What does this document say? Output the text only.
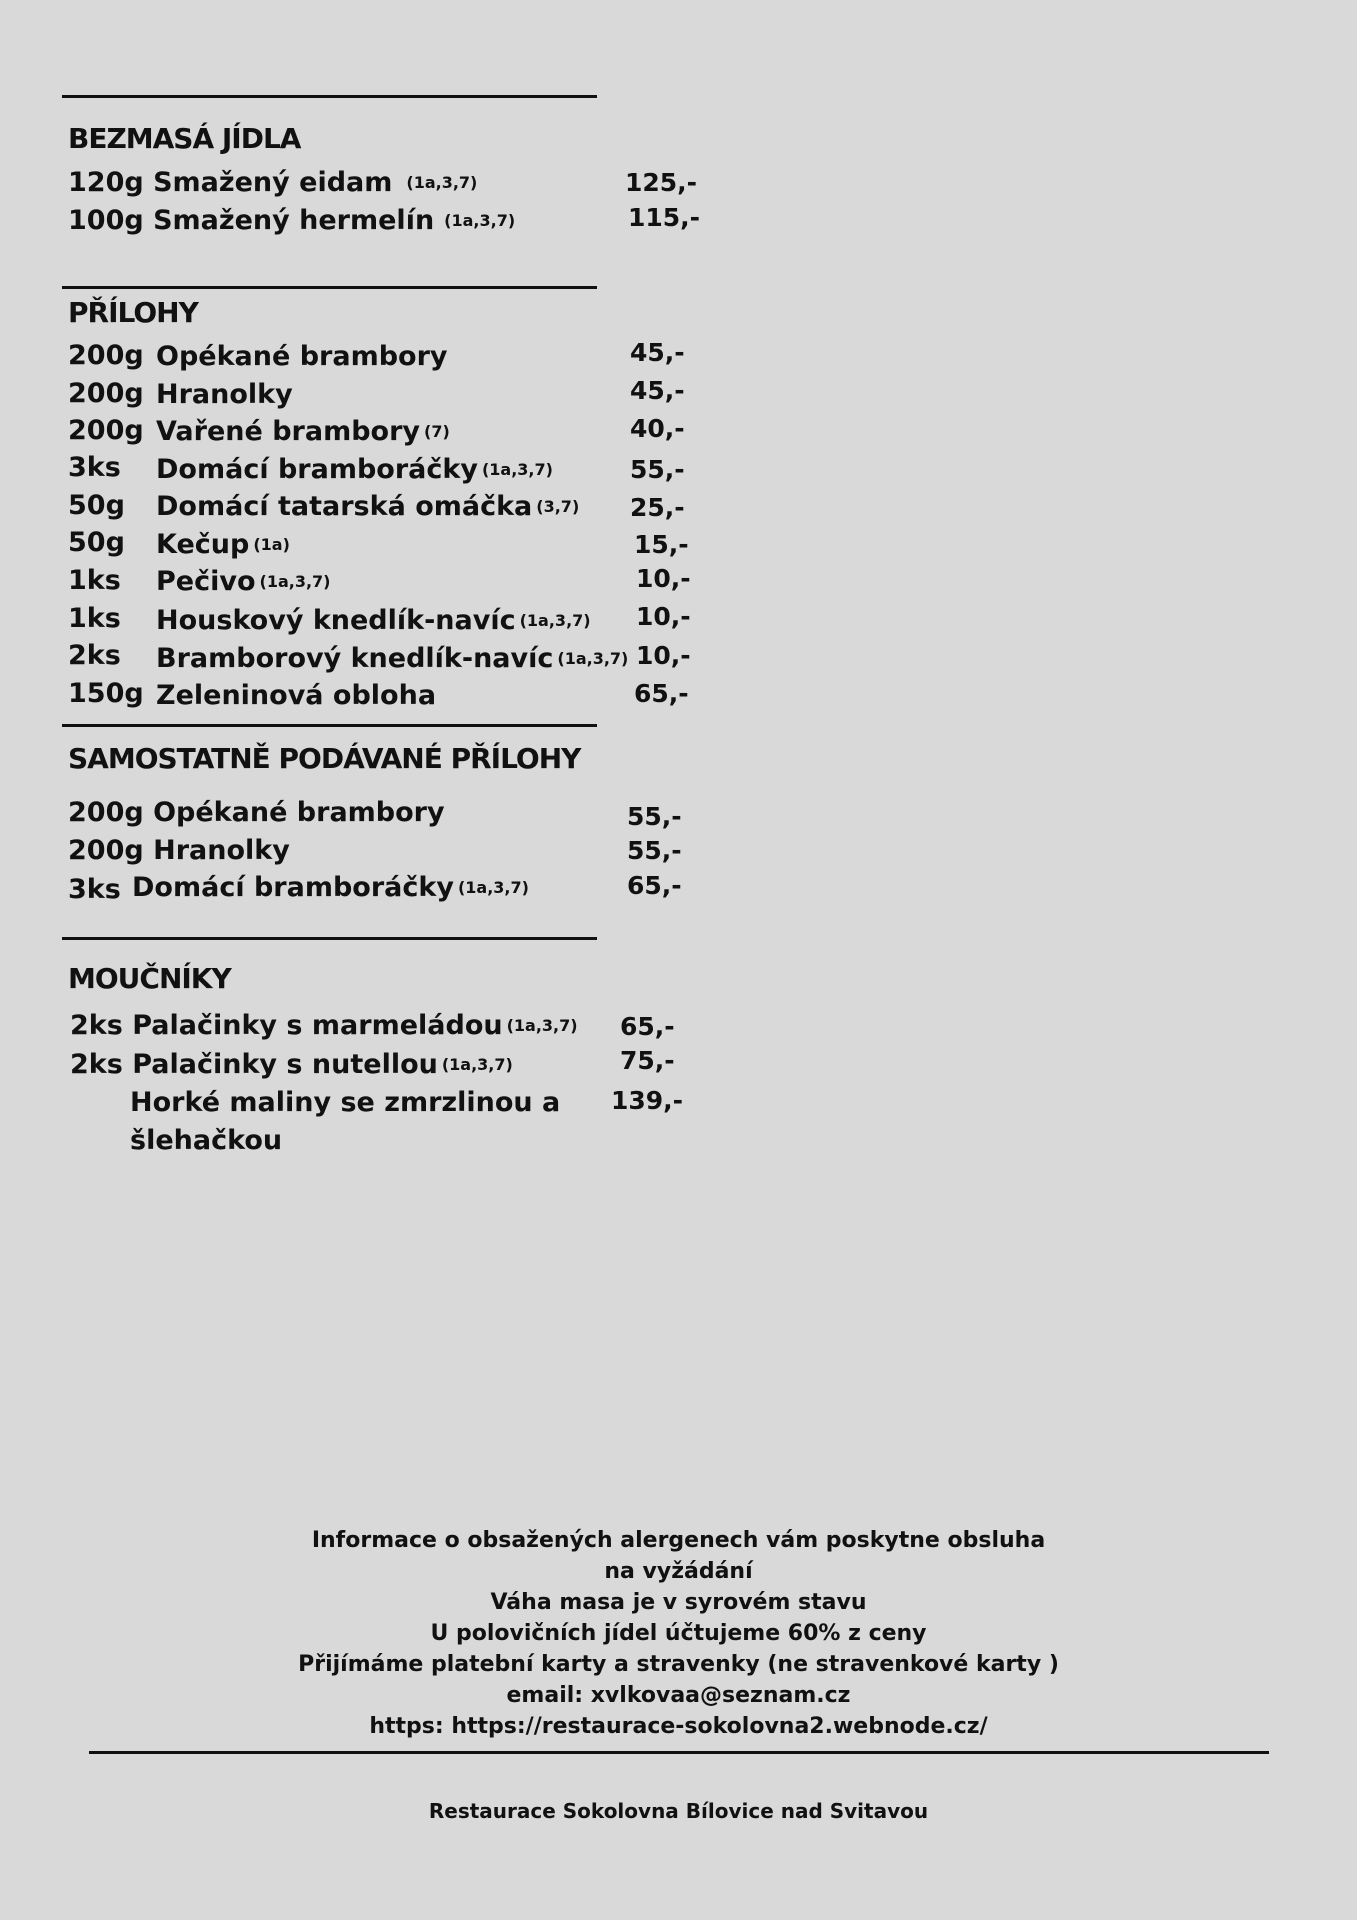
BEZMASÁ JÍDLA
120g Smažený eidam (1a,3,7)	125,-
100g Smažený hermelín (1a,3,7)	115,-
PŘÍLOHY
200g Opékané brambory	45,-
200g Hranolky	45,-
200g Vařené brambory (7)	40,-
3ks Domácí bramboráčky (1a,3,7)	55,-
50g Domácí tatarská omáčka (3,7) 25,-
50g Kečup (1a)	15,-
1ks Pečivo (1a,3,7)	10,-
1ks Houskový knedlík-navíc (1a,3,7) 10,-
2ks Bramborový knedlík-navíc (1a,3,7) 10,-
150g Zeleninová obloha	65,-
SAMOSTATNĚ PODÁVANÉ PŘÍLOHY
200g Opékané brambory	55,-
200g Hranolky	55,-
3ks Domácí bramboráčky (1a,3,7)	65,-
MOUČNÍKY
2ks Palačinky s marmeládou (1a,3,7) 65,-
2ks Palačinky s nutellou (1a,3,7)	75,-
Horké maliny se zmrzlinou a
šlehačkou
139,-
Informace o obsažených alergenech vám poskytne obsluha
na vyžádání
Váha masa je v syrovém stavu
U polovičních jídel účtujeme 60% z ceny
Přijímáme platební karty a stravenky (ne stravenkové karty )
email: xvlkovaa@seznam.cz
https: https://restaurace-sokolovna2.webnode.cz/
Restaurace Sokolovna Bílovice nad Svitavou
